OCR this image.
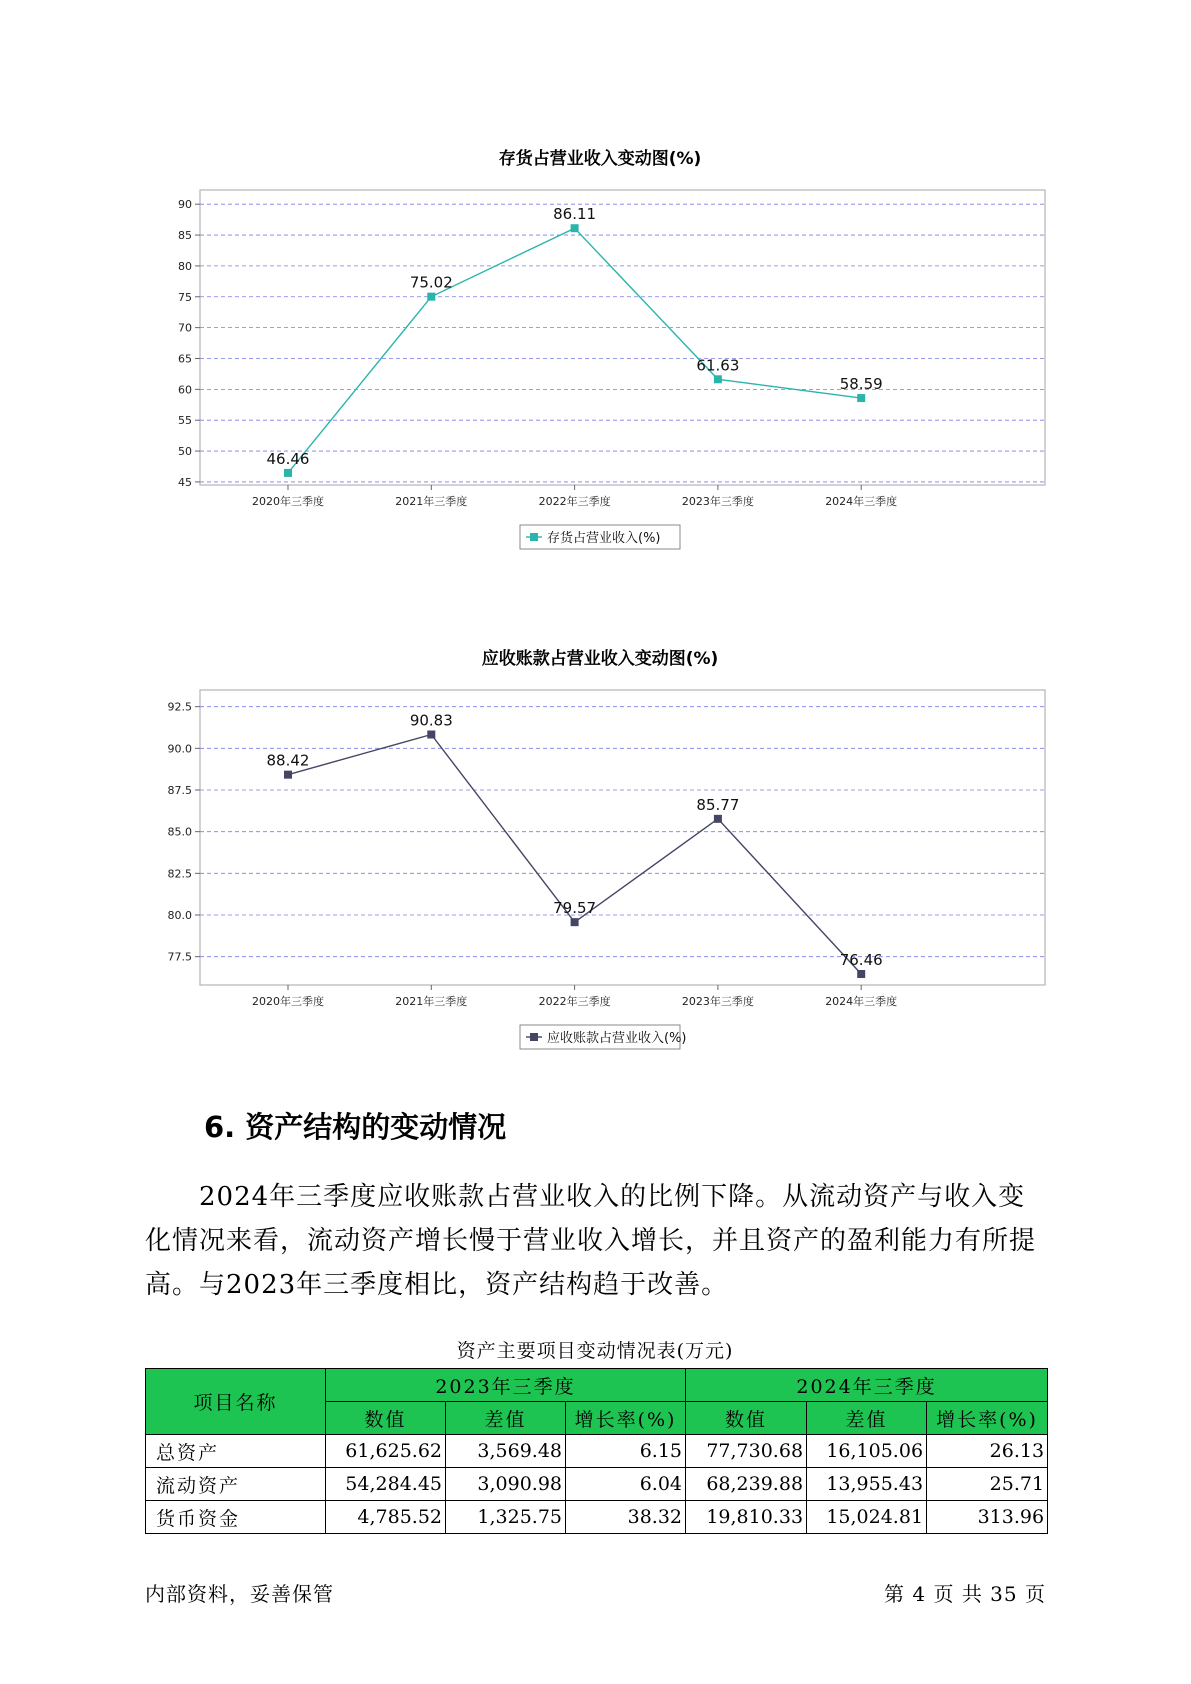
存货占营业收入变动图(%)
45
50
55
60
65
70
75
80
85
90
2020年三季度	2021年三季度	2022年三季度	2023年三季度	2024年三季度
46.46
75.02
86.11
61.63
58.59
存货占营业收入(%)
应收账款占营业收入变动图(%)
77.5
80.0
82.5
85.0
87.5
90.0
92.5
2020年三季度	2021年三季度	2022年三季度	2023年三季度	2024年三季度
88.42
90.83
79.57
85.77
76.46
应收账款占营业收入(%)
6. 资产结构的变动情况

2024年三季度应收账款占营业收入的比例下降。从流动资产与收入变化情况来看，流动资产增长慢于营业收入增长，并且资产的盈利能力有所提高。与2023年三季度相比，资产结构趋于改善。

资产主要项目变动情况表(万元)
项目名称	2023年三季度			2024年三季度		
	数值	差值	增长率(%)	数值	差值	增长率(%)
总资产	61,625.62	3,569.48	6.15	77,730.68	16,105.06	26.13
流动资产	54,284.45	3,090.98	6.04	68,239.88	13,955.43	25.71
货币资金	4,785.52	1,325.75	38.32	19,810.33	15,024.81	313.96
内部资料，妥善保管	第 4 页 共 35 页
